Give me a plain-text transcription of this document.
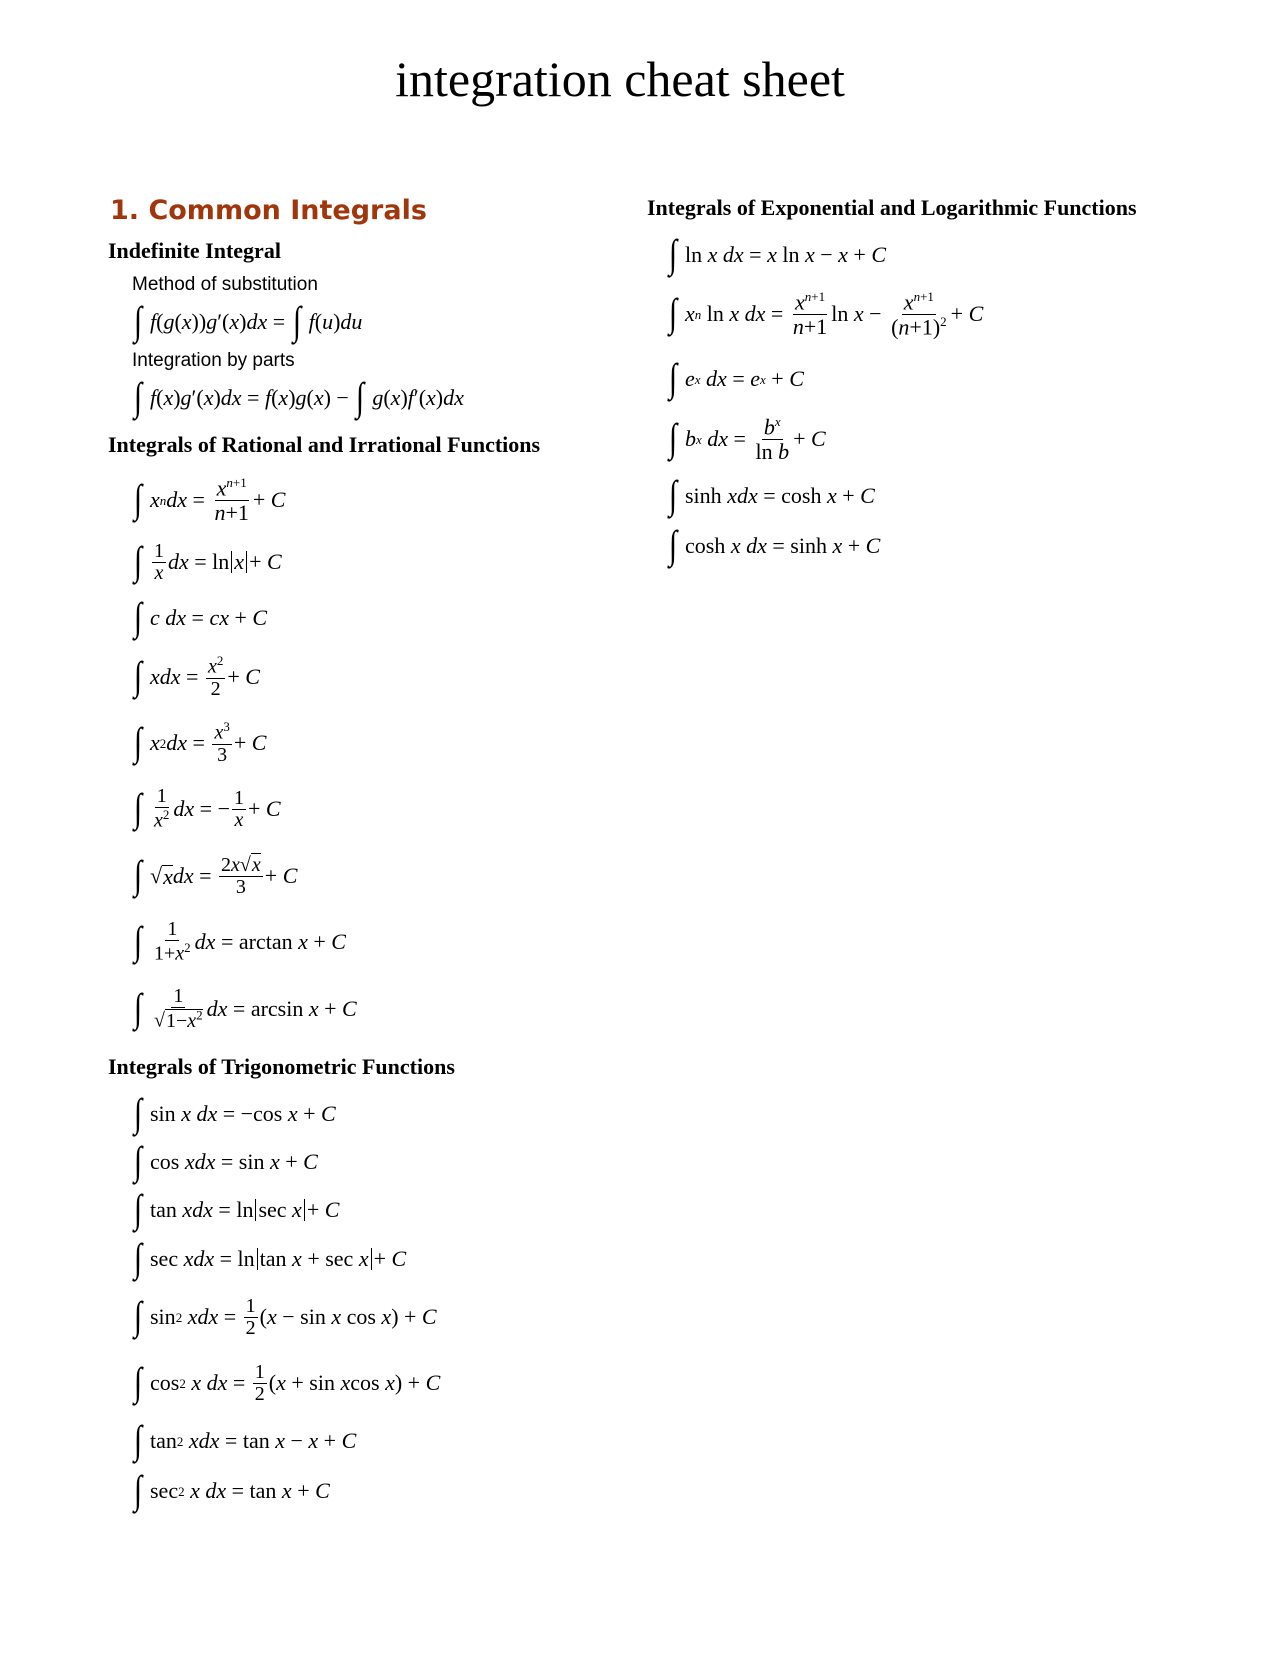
integration cheat sheet
1. Common Integrals
Indefinite Integral
Method of substitution
∫ f ( g ( x )) g ′( x ) dx = ∫ f ( u ) du
Integration by parts
∫ f ( x ) g ′( x ) dx = f ( x ) g ( x ) − ∫ g ( x ) f ′( x ) dx
Integrals of Rational and Irrational Functions
∫ x n dx = $\frac{x^{n+1}}{n+1} + C$
∫ $\frac{1}{x}$ dx = ln x + C
∫ c
dx = cx + C
∫ xdx = $\frac{x^2}{2} + C$
∫ x 2 dx = $\frac{x^3}{3} + C$
∫ $\frac{1}{x^2}$ dx = − $\frac{1}{x} + C$
∫ √ x dx = $\frac{2x√x}{3} + C$
∫ $\frac{1}{1+x^2}$ dx = arctan x + C
∫ $\frac{1}{√1-x^2}$ dx = arcsin x + C
Integrals of Trigonometric Functions
∫ sin x
dx = −cos x + C
∫ cos x dx = sin x + C
∫ tan x dx = ln sec x + C
∫ sec x dx = ln tan x + sec x + C
∫ sin 2
xdx = $\frac{1}{2}$ ( x − sin x cos x ) + C
∫ cos 2
x
dx = $\frac{1}{2}$ ( x + sin x cos x ) + C
∫ tan 2
xdx = tan x − x + C
∫ sec 2
x
dx = tan x + C
Integrals of Exponential and Logarithmic Functions
∫ ln x
dx = x ln x − x + C
∫ x n ln x
dx = $\frac{x^{n+1}}{n+1}$ $\ln x - \frac{x^{n+1}}{(n+1)^2} + C$
∫ e x
dx = e x + C
∫ b x
dx = $\frac{b^x}{\text{ln b}} + C$
∫ sinh x dx = cosh x + C
∫ cosh x
dx = sinh x + C
